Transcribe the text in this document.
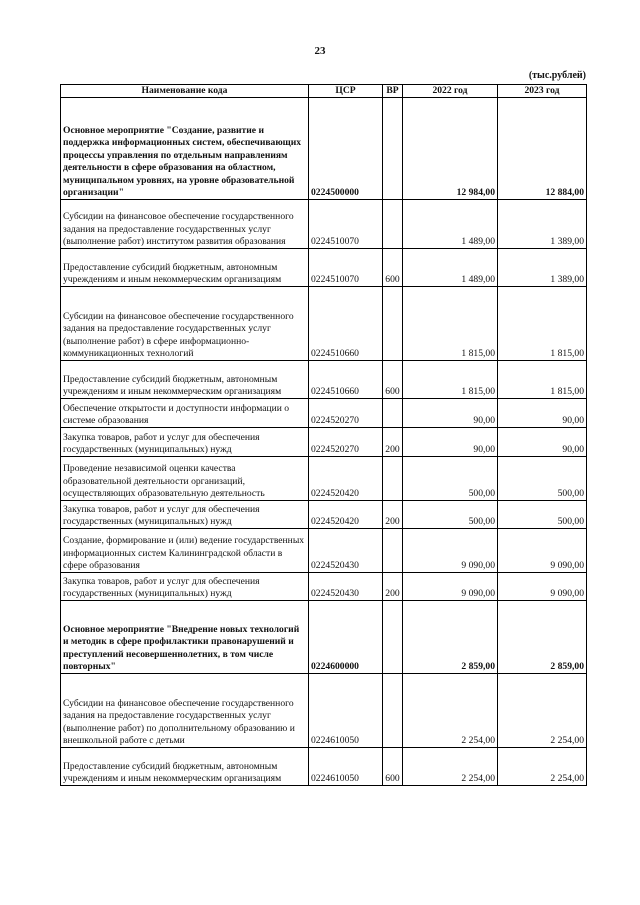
23
(тыс.рублей)
Наименование кода	ЦСР	ВР	2022 год	2023 год
Основное мероприятие "Создание, развитие и поддержка информационных систем, обеспечивающих процессы управления по отдельным направлениям деятельности в сфере образования на областном, муниципальном уровнях, на уровне образовательной организации"	0224500000		12 984,00	12 884,00
Субсидии на финансовое обеспечение государственного задания на предоставление государственных услуг (выполнение работ) институтом развития образования	0224510070		1 489,00	1 389,00
Предоставление субсидий бюджетным, автономным учреждениям и иным некоммерческим организациям	0224510070	600	1 489,00	1 389,00
Субсидии на финансовое обеспечение государственного задания на предоставление государственных услуг (выполнение работ) в сфере информационно-коммуникационных технологий	0224510660		1 815,00	1 815,00
Предоставление субсидий бюджетным, автономным учреждениям и иным некоммерческим организациям	0224510660	600	1 815,00	1 815,00
Обеспечение открытости и доступности информации о системе образования	0224520270		90,00	90,00
Закупка товаров, работ и услуг для обеспечения государственных (муниципальных) нужд	0224520270	200	90,00	90,00
Проведение независимой оценки качества образовательной деятельности организаций, осуществляющих образовательную деятельность	0224520420		500,00	500,00
Закупка товаров, работ и услуг для обеспечения государственных (муниципальных) нужд	0224520420	200	500,00	500,00
Создание, формирование и (или) ведение государственных информационных систем Калининградской области в сфере образования	0224520430		9 090,00	9 090,00
Закупка товаров, работ и услуг для обеспечения государственных (муниципальных) нужд	0224520430	200	9 090,00	9 090,00
Основное мероприятие "Внедрение новых технологий и методик в сфере профилактики правонарушений и преступлений несовершеннолетних, в том числе повторных"	0224600000		2 859,00	2 859,00
Субсидии на финансовое обеспечение государственного задания на предоставление государственных услуг (выполнение работ) по дополнительному образованию и внешкольной работе с детьми	0224610050		2 254,00	2 254,00
Предоставление субсидий бюджетным, автономным учреждениям и иным некоммерческим организациям	0224610050	600	2 254,00	2 254,00
